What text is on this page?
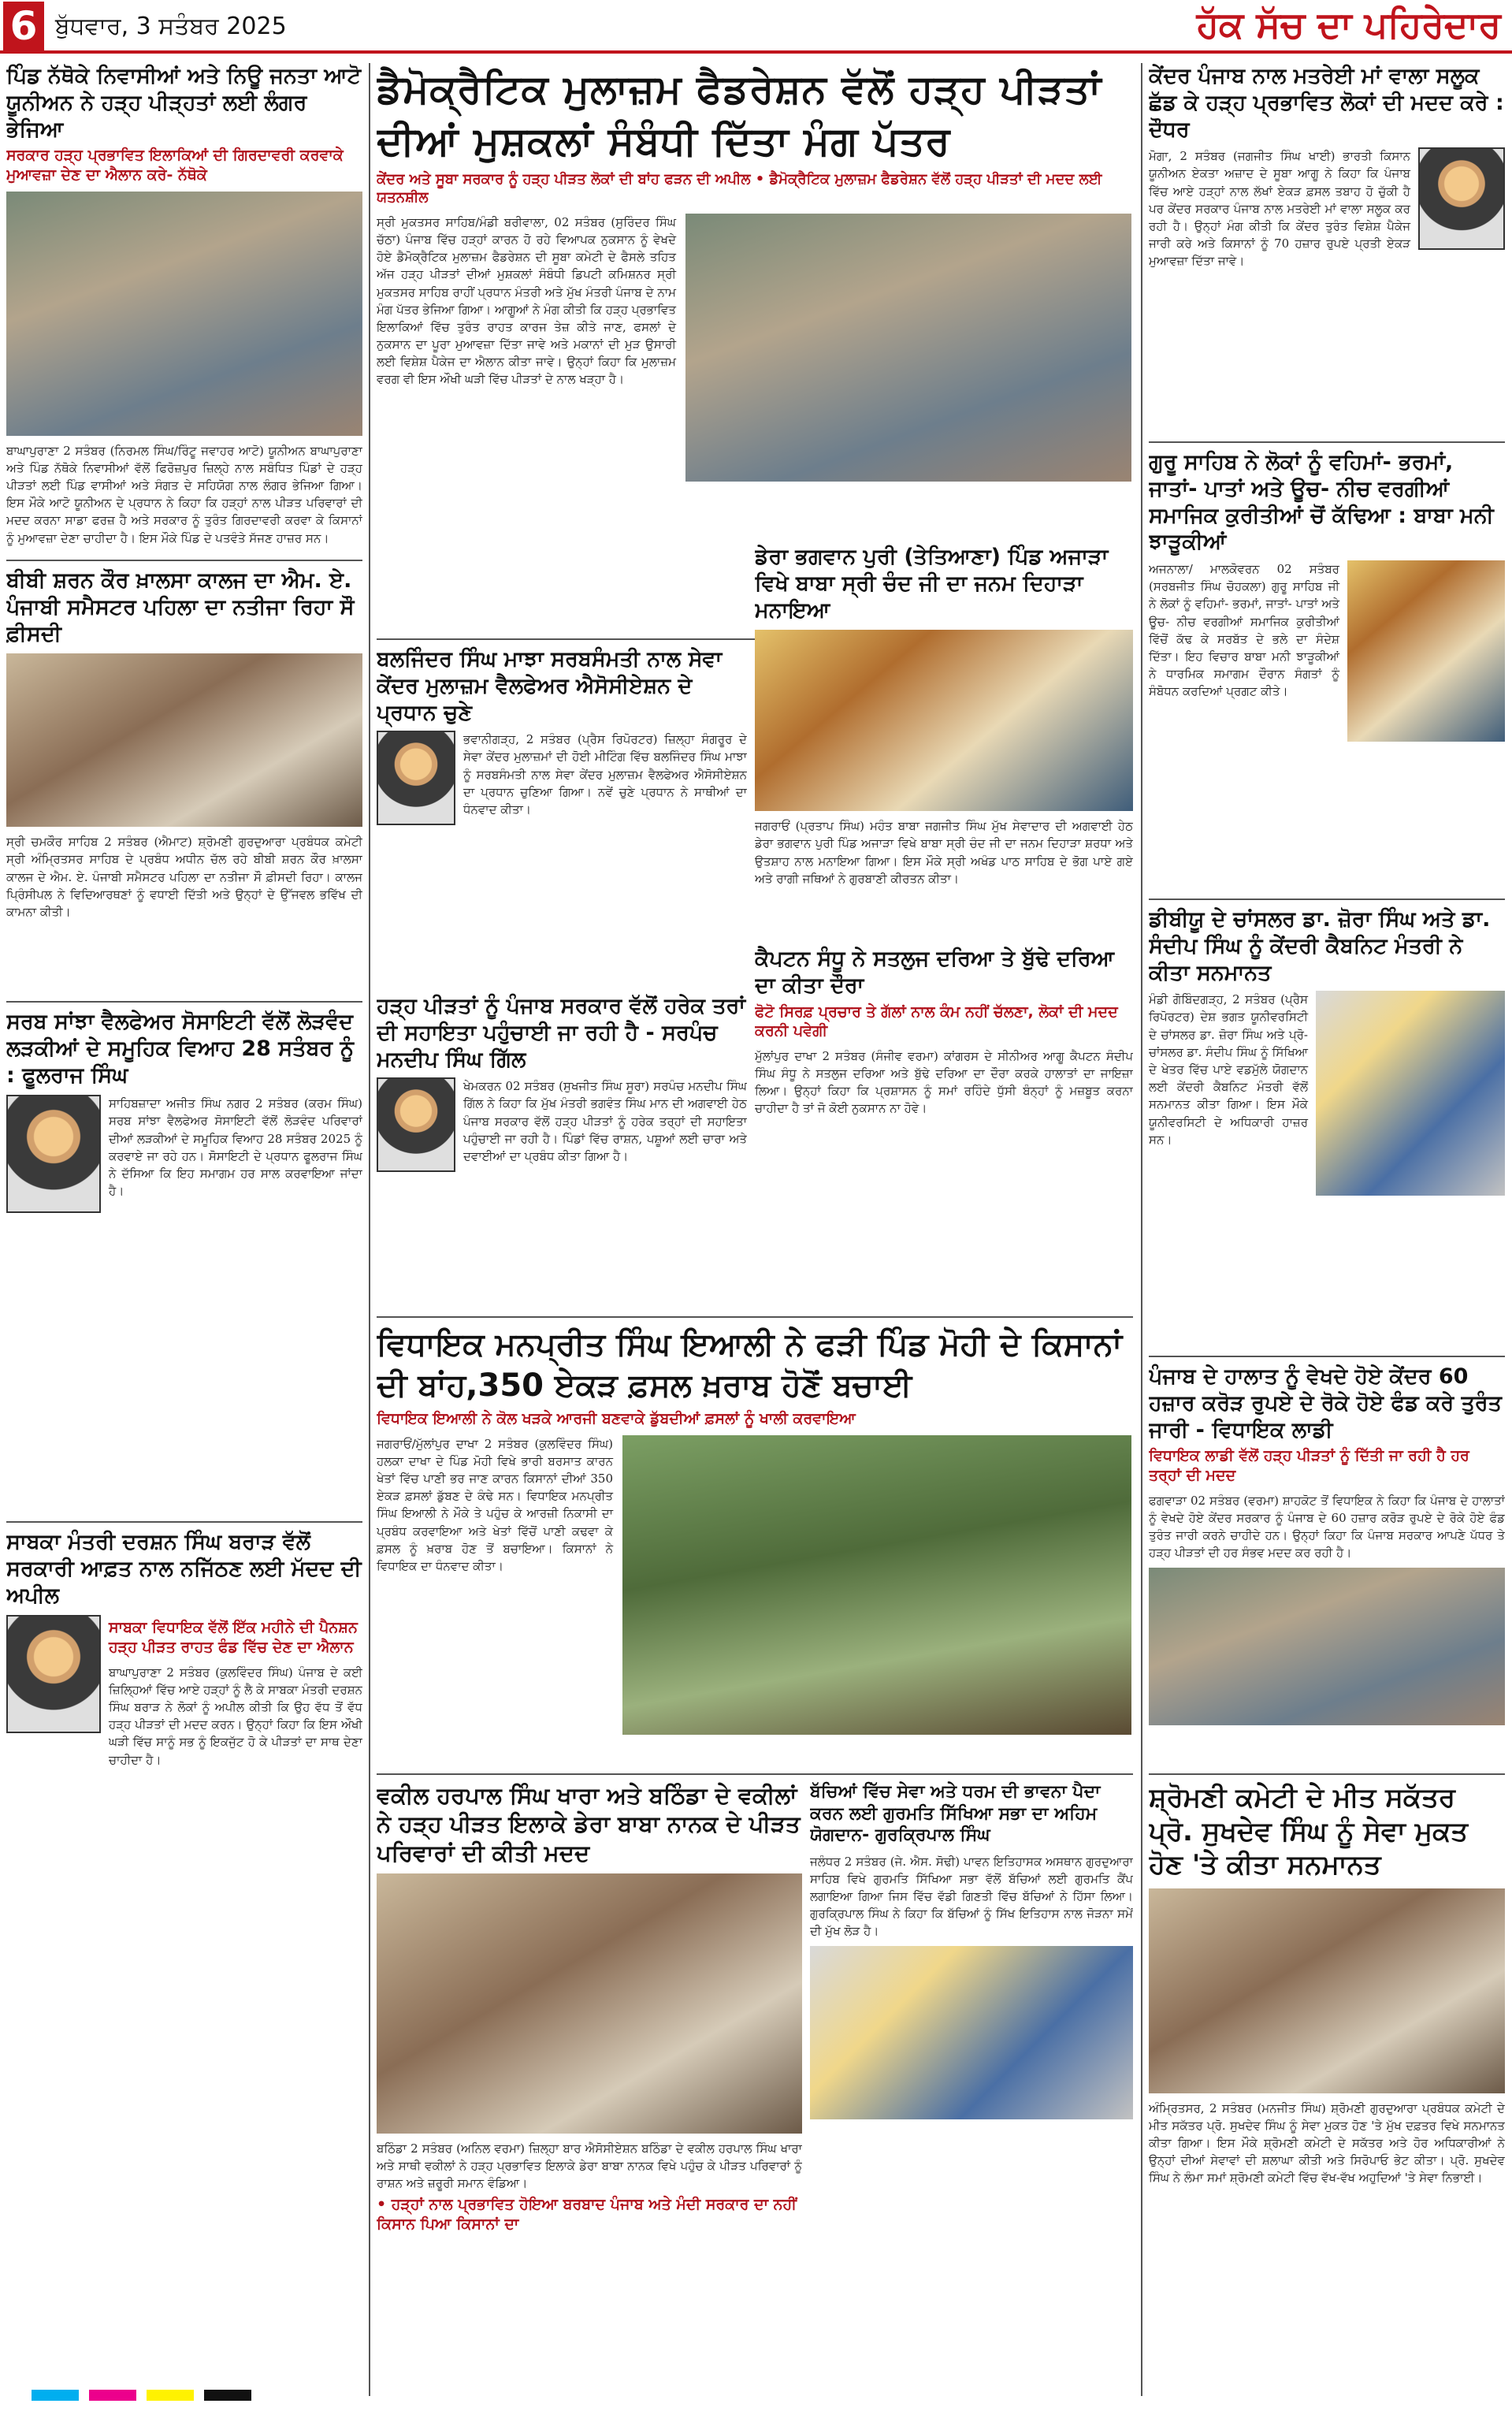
6 ਬੁੱਧਵਾਰ, 3 ਸਤੰਬਰ 2025	ਹੱਕ ਸੱਚ ਦਾ ਪਹਿਰੇਦਾਰ
ਪਿੰਡ ਨੱਥੋਕੇ ਨਿਵਾਸੀਆਂ ਅਤੇ ਨਿਊ ਜਨਤਾ ਆਟੋ ਯੂਨੀਅਨ ਨੇ ਹੜ੍ਹ ਪੀੜ੍ਹਤਾਂ ਲਈ ਲੰਗਰ ਭੇਜਿਆ
ਸਰਕਾਰ ਹੜ੍ਹ ਪ੍ਰਭਾਵਿਤ ਇਲਾਕਿਆਂ ਦੀ ਗਿਰਦਾਵਰੀ ਕਰਵਾਕੇ ਮੁਆਵਜ਼ਾ ਦੇਣ ਦਾ ਐਲਾਨ ਕਰੇ- ਨੱਥੋਕੇ
ਬਾਘਾਪੁਰਾਣਾ 2 ਸਤੰਬਰ (ਨਿਰਮਲ ਸਿੰਘ/ਰਿੰਟੂ ਜਵਾਹਰ ਆਟੋ) ਯੂਨੀਅਨ ਬਾਘਾਪੁਰਾਣਾ ਅਤੇ ਪਿੰਡ ਨੱਥੋਕੇ ਨਿਵਾਸੀਆਂ ਵੱਲੋਂ ਫਿਰੋਜ਼ਪੁਰ ਜ਼ਿਲ੍ਹੇ ਨਾਲ ਸਬੰਧਿਤ ਪਿੰਡਾਂ ਦੇ ਹੜ੍ਹ ਪੀੜਤਾਂ ਲਈ ਪਿੰਡ ਵਾਸੀਆਂ ਅਤੇ ਸੰਗਤ ਦੇ ਸਹਿਯੋਗ ਨਾਲ ਲੰਗਰ ਭੇਜਿਆ ਗਿਆ। ਇਸ ਮੌਕੇ ਆਟੋ ਯੂਨੀਅਨ ਦੇ ਪ੍ਰਧਾਨ ਨੇ ਕਿਹਾ ਕਿ ਹੜ੍ਹਾਂ ਨਾਲ ਪੀੜਤ ਪਰਿਵਾਰਾਂ ਦੀ ਮਦਦ ਕਰਨਾ ਸਾਡਾ ਫਰਜ਼ ਹੈ ਅਤੇ ਸਰਕਾਰ ਨੂੰ ਤੁਰੰਤ ਗਿਰਦਾਵਰੀ ਕਰਵਾ ਕੇ ਕਿਸਾਨਾਂ ਨੂੰ ਮੁਆਵਜ਼ਾ ਦੇਣਾ ਚਾਹੀਦਾ ਹੈ। ਇਸ ਮੌਕੇ ਪਿੰਡ ਦੇ ਪਤਵੰਤੇ ਸੱਜਣ ਹਾਜ਼ਰ ਸਨ।
ਬੀਬੀ ਸ਼ਰਨ ਕੌਰ ਖ਼ਾਲਸਾ ਕਾਲਜ ਦਾ ਐਮ. ਏ. ਪੰਜਾਬੀ ਸਮੈਸਟਰ ਪਹਿਲਾ ਦਾ ਨਤੀਜਾ ਰਿਹਾ ਸੌ ਫ਼ੀਸਦੀ
ਸ੍ਰੀ ਚਮਕੌਰ ਸਾਹਿਬ 2 ਸਤੰਬਰ (ਐਮਾਟ) ਸ਼੍ਰੋਮਣੀ ਗੁਰਦੁਆਰਾ ਪ੍ਰਬੰਧਕ ਕਮੇਟੀ ਸ੍ਰੀ ਅੰਮ੍ਰਿਤਸਰ ਸਾਹਿਬ ਦੇ ਪ੍ਰਬੰਧ ਅਧੀਨ ਚੱਲ ਰਹੇ ਬੀਬੀ ਸ਼ਰਨ ਕੌਰ ਖ਼ਾਲਸਾ ਕਾਲਜ ਦੇ ਐਮ. ਏ. ਪੰਜਾਬੀ ਸਮੈਸਟਰ ਪਹਿਲਾ ਦਾ ਨਤੀਜਾ ਸੌ ਫ਼ੀਸਦੀ ਰਿਹਾ। ਕਾਲਜ ਪ੍ਰਿੰਸੀਪਲ ਨੇ ਵਿਦਿਆਰਥਣਾਂ ਨੂੰ ਵਧਾਈ ਦਿੱਤੀ ਅਤੇ ਉਨ੍ਹਾਂ ਦੇ ਉੱਜਵਲ ਭਵਿੱਖ ਦੀ ਕਾਮਨਾ ਕੀਤੀ।
ਸਰਬ ਸਾਂਝਾ ਵੈਲਫੇਅਰ ਸੋਸਾਇਟੀ ਵੱਲੋਂ ਲੋੜਵੰਦ ਲੜਕੀਆਂ ਦੇ ਸਮੂਹਿਕ ਵਿਆਹ 28 ਸਤੰਬਰ ਨੂੰ : ਫੂਲਰਾਜ ਸਿੰਘ
ਸਾਹਿਬਜ਼ਾਦਾ ਅਜੀਤ ਸਿੰਘ ਨਗਰ 2 ਸਤੰਬਰ (ਕਰਮ ਸਿੰਘ) ਸਰਬ ਸਾਂਝਾ ਵੈਲਫੇਅਰ ਸੋਸਾਇਟੀ ਵੱਲੋਂ ਲੋੜਵੰਦ ਪਰਿਵਾਰਾਂ ਦੀਆਂ ਲੜਕੀਆਂ ਦੇ ਸਮੂਹਿਕ ਵਿਆਹ 28 ਸਤੰਬਰ 2025 ਨੂੰ ਕਰਵਾਏ ਜਾ ਰਹੇ ਹਨ। ਸੋਸਾਇਟੀ ਦੇ ਪ੍ਰਧਾਨ ਫੂਲਰਾਜ ਸਿੰਘ ਨੇ ਦੱਸਿਆ ਕਿ ਇਹ ਸਮਾਗਮ ਹਰ ਸਾਲ ਕਰਵਾਇਆ ਜਾਂਦਾ ਹੈ।
ਸਾਬਕਾ ਮੰਤਰੀ ਦਰਸ਼ਨ ਸਿੰਘ ਬਰਾੜ ਵੱਲੋਂ ਸਰਕਾਰੀ ਆਫ਼ਤ ਨਾਲ ਨਜਿੱਠਣ ਲਈ ਮੱਦਦ ਦੀ ਅਪੀਲ
ਸਾਬਕਾ ਵਿਧਾਇਕ ਵੱਲੋਂ ਇੱਕ ਮਹੀਨੇ ਦੀ ਪੈਨਸ਼ਨ ਹੜ੍ਹ ਪੀੜਤ ਰਾਹਤ ਫੰਡ ਵਿੱਚ ਦੇਣ ਦਾ ਐਲਾਨ
ਬਾਘਾਪੁਰਾਣਾ 2 ਸਤੰਬਰ (ਕੁਲਵਿੰਦਰ ਸਿੰਘ) ਪੰਜਾਬ ਦੇ ਕਈ ਜ਼ਿਲ੍ਹਿਆਂ ਵਿੱਚ ਆਏ ਹੜ੍ਹਾਂ ਨੂੰ ਲੈ ਕੇ ਸਾਬਕਾ ਮੰਤਰੀ ਦਰਸ਼ਨ ਸਿੰਘ ਬਰਾੜ ਨੇ ਲੋਕਾਂ ਨੂੰ ਅਪੀਲ ਕੀਤੀ ਕਿ ਉਹ ਵੱਧ ਤੋਂ ਵੱਧ ਹੜ੍ਹ ਪੀੜਤਾਂ ਦੀ ਮਦਦ ਕਰਨ। ਉਨ੍ਹਾਂ ਕਿਹਾ ਕਿ ਇਸ ਔਖੀ ਘੜੀ ਵਿੱਚ ਸਾਨੂੰ ਸਭ ਨੂੰ ਇਕਜੁੱਟ ਹੋ ਕੇ ਪੀੜਤਾਂ ਦਾ ਸਾਥ ਦੇਣਾ ਚਾਹੀਦਾ ਹੈ।
ਡੈਮੋਕ੍ਰੈਟਿਕ ਮੁਲਾਜ਼ਮ ਫੈਡਰੇਸ਼ਨ ਵੱਲੋਂ ਹੜ੍ਹ ਪੀੜਤਾਂ ਦੀਆਂ ਮੁਸ਼ਕਲਾਂ ਸੰਬੰਧੀ ਦਿੱਤਾ ਮੰਗ ਪੱਤਰ
ਕੇਂਦਰ ਅਤੇ ਸੂਬਾ ਸਰਕਾਰ ਨੂੰ ਹੜ੍ਹ ਪੀੜਤ ਲੋਕਾਂ ਦੀ ਬਾਂਹ ਫੜਨ ਦੀ ਅਪੀਲ • ਡੈਮੋਕ੍ਰੈਟਿਕ ਮੁਲਾਜ਼ਮ ਫੈਡਰੇਸ਼ਨ ਵੱਲੋਂ ਹੜ੍ਹ ਪੀੜਤਾਂ ਦੀ ਮਦਦ ਲਈ ਯਤਨਸ਼ੀਲ
ਸ੍ਰੀ ਮੁਕਤਸਰ ਸਾਹਿਬ/ਮੰਡੀ ਬਰੀਵਾਲਾ, 02 ਸਤੰਬਰ (ਸੁਰਿੰਦਰ ਸਿੰਘ ਚੱਠਾ) ਪੰਜਾਬ ਵਿੱਚ ਹੜ੍ਹਾਂ ਕਾਰਨ ਹੋ ਰਹੇ ਵਿਆਪਕ ਨੁਕਸਾਨ ਨੂੰ ਵੇਖਦੇ ਹੋਏ ਡੈਮੋਕ੍ਰੈਟਿਕ ਮੁਲਾਜ਼ਮ ਫੈਡਰੇਸ਼ਨ ਦੀ ਸੂਬਾ ਕਮੇਟੀ ਦੇ ਫੈਸਲੇ ਤਹਿਤ ਅੱਜ ਹੜ੍ਹ ਪੀੜਤਾਂ ਦੀਆਂ ਮੁਸ਼ਕਲਾਂ ਸੰਬੰਧੀ ਡਿਪਟੀ ਕਮਿਸ਼ਨਰ ਸ੍ਰੀ ਮੁਕਤਸਰ ਸਾਹਿਬ ਰਾਹੀਂ ਪ੍ਰਧਾਨ ਮੰਤਰੀ ਅਤੇ ਮੁੱਖ ਮੰਤਰੀ ਪੰਜਾਬ ਦੇ ਨਾਮ ਮੰਗ ਪੱਤਰ ਭੇਜਿਆ ਗਿਆ। ਆਗੂਆਂ ਨੇ ਮੰਗ ਕੀਤੀ ਕਿ ਹੜ੍ਹ ਪ੍ਰਭਾਵਿਤ ਇਲਾਕਿਆਂ ਵਿੱਚ ਤੁਰੰਤ ਰਾਹਤ ਕਾਰਜ ਤੇਜ਼ ਕੀਤੇ ਜਾਣ, ਫਸਲਾਂ ਦੇ ਨੁਕਸਾਨ ਦਾ ਪੂਰਾ ਮੁਆਵਜ਼ਾ ਦਿੱਤਾ ਜਾਵੇ ਅਤੇ ਮਕਾਨਾਂ ਦੀ ਮੁੜ ਉਸਾਰੀ ਲਈ ਵਿਸ਼ੇਸ਼ ਪੈਕੇਜ ਦਾ ਐਲਾਨ ਕੀਤਾ ਜਾਵੇ। ਉਨ੍ਹਾਂ ਕਿਹਾ ਕਿ ਮੁਲਾਜ਼ਮ ਵਰਗ ਵੀ ਇਸ ਔਖੀ ਘੜੀ ਵਿੱਚ ਪੀੜਤਾਂ ਦੇ ਨਾਲ ਖੜ੍ਹਾ ਹੈ।
ਬਲਜਿੰਦਰ ਸਿੰਘ ਮਾਝਾ ਸਰਬਸੰਮਤੀ ਨਾਲ ਸੇਵਾ ਕੇਂਦਰ ਮੁਲਾਜ਼ਮ ਵੈਲਫੇਅਰ ਐਸੋਸੀਏਸ਼ਨ ਦੇ ਪ੍ਰਧਾਨ ਚੁਣੇ
ਭਵਾਨੀਗੜ੍ਹ, 2 ਸਤੰਬਰ (ਪ੍ਰੈਸ ਰਿਪੋਰਟਰ) ਜ਼ਿਲ੍ਹਾ ਸੰਗਰੂਰ ਦੇ ਸੇਵਾ ਕੇਂਦਰ ਮੁਲਾਜ਼ਮਾਂ ਦੀ ਹੋਈ ਮੀਟਿੰਗ ਵਿੱਚ ਬਲਜਿੰਦਰ ਸਿੰਘ ਮਾਝਾ ਨੂੰ ਸਰਬਸੰਮਤੀ ਨਾਲ ਸੇਵਾ ਕੇਂਦਰ ਮੁਲਾਜ਼ਮ ਵੈਲਫੇਅਰ ਐਸੋਸੀਏਸ਼ਨ ਦਾ ਪ੍ਰਧਾਨ ਚੁਣਿਆ ਗਿਆ। ਨਵੇਂ ਚੁਣੇ ਪ੍ਰਧਾਨ ਨੇ ਸਾਥੀਆਂ ਦਾ ਧੰਨਵਾਦ ਕੀਤਾ।
ਡੇਰਾ ਭਗਵਾਨ ਪੁਰੀ (ਤੇਤਿਆਣਾ) ਪਿੰਡ ਅਜਾੜਾ ਵਿਖੇ ਬਾਬਾ ਸ੍ਰੀ ਚੰਦ ਜੀ ਦਾ ਜਨਮ ਦਿਹਾੜਾ ਮਨਾਇਆ
ਜਗਰਾਓਂ (ਪ੍ਰਤਾਪ ਸਿੰਘ) ਮਹੰਤ ਬਾਬਾ ਜਗਜੀਤ ਸਿੰਘ ਮੁੱਖ ਸੇਵਾਦਾਰ ਦੀ ਅਗਵਾਈ ਹੇਠ ਡੇਰਾ ਭਗਵਾਨ ਪੁਰੀ ਪਿੰਡ ਅਜਾੜਾ ਵਿਖੇ ਬਾਬਾ ਸ੍ਰੀ ਚੰਦ ਜੀ ਦਾ ਜਨਮ ਦਿਹਾੜਾ ਸ਼ਰਧਾ ਅਤੇ ਉਤਸ਼ਾਹ ਨਾਲ ਮਨਾਇਆ ਗਿਆ। ਇਸ ਮੌਕੇ ਸ੍ਰੀ ਅਖੰਡ ਪਾਠ ਸਾਹਿਬ ਦੇ ਭੋਗ ਪਾਏ ਗਏ ਅਤੇ ਰਾਗੀ ਜਥਿਆਂ ਨੇ ਗੁਰਬਾਣੀ ਕੀਰਤਨ ਕੀਤਾ।
ਹੜ੍ਹ ਪੀੜਤਾਂ ਨੂੰ ਪੰਜਾਬ ਸਰਕਾਰ ਵੱਲੋਂ ਹਰੇਕ ਤਰਾਂ ਦੀ ਸਹਾਇਤਾ ਪਹੁੰਚਾਈ ਜਾ ਰਹੀ ਹੈ - ਸਰਪੰਚ ਮਨਦੀਪ ਸਿੰਘ ਗਿੱਲ
ਖੇਮਕਰਨ 02 ਸਤੰਬਰ (ਸੁਖਜੀਤ ਸਿੰਘ ਸੂਰਾ) ਸਰਪੰਚ ਮਨਦੀਪ ਸਿੰਘ ਗਿੱਲ ਨੇ ਕਿਹਾ ਕਿ ਮੁੱਖ ਮੰਤਰੀ ਭਗਵੰਤ ਸਿੰਘ ਮਾਨ ਦੀ ਅਗਵਾਈ ਹੇਠ ਪੰਜਾਬ ਸਰਕਾਰ ਵੱਲੋਂ ਹੜ੍ਹ ਪੀੜਤਾਂ ਨੂੰ ਹਰੇਕ ਤਰ੍ਹਾਂ ਦੀ ਸਹਾਇਤਾ ਪਹੁੰਚਾਈ ਜਾ ਰਹੀ ਹੈ। ਪਿੰਡਾਂ ਵਿੱਚ ਰਾਸ਼ਨ, ਪਸ਼ੂਆਂ ਲਈ ਚਾਰਾ ਅਤੇ ਦਵਾਈਆਂ ਦਾ ਪ੍ਰਬੰਧ ਕੀਤਾ ਗਿਆ ਹੈ।
ਕੈਪਟਨ ਸੰਧੂ ਨੇ ਸਤਲੁਜ ਦਰਿਆ ਤੇ ਬੁੱਢੇ ਦਰਿਆ ਦਾ ਕੀਤਾ ਦੌਰਾ
ਫੋਟੋ ਸਿਰਫ਼ ਪ੍ਰਚਾਰ ਤੇ ਗੱਲਾਂ ਨਾਲ ਕੰਮ ਨਹੀਂ ਚੱਲਣਾ, ਲੋਕਾਂ ਦੀ ਮਦਦ ਕਰਨੀ ਪਵੇਗੀ
ਮੁੱਲਾਂਪੁਰ ਦਾਖਾ 2 ਸਤੰਬਰ (ਸੰਜੀਵ ਵਰਮਾ) ਕਾਂਗਰਸ ਦੇ ਸੀਨੀਅਰ ਆਗੂ ਕੈਪਟਨ ਸੰਦੀਪ ਸਿੰਘ ਸੰਧੂ ਨੇ ਸਤਲੁਜ ਦਰਿਆ ਅਤੇ ਬੁੱਢੇ ਦਰਿਆ ਦਾ ਦੌਰਾ ਕਰਕੇ ਹਾਲਾਤਾਂ ਦਾ ਜਾਇਜ਼ਾ ਲਿਆ। ਉਨ੍ਹਾਂ ਕਿਹਾ ਕਿ ਪ੍ਰਸ਼ਾਸਨ ਨੂੰ ਸਮਾਂ ਰਹਿੰਦੇ ਧੁੱਸੀ ਬੰਨ੍ਹਾਂ ਨੂੰ ਮਜ਼ਬੂਤ ਕਰਨਾ ਚਾਹੀਦਾ ਹੈ ਤਾਂ ਜੋ ਕੋਈ ਨੁਕਸਾਨ ਨਾ ਹੋਵੇ।
ਵਿਧਾਇਕ ਮਨਪ੍ਰੀਤ ਸਿੰਘ ਇਆਲੀ ਨੇ ਫੜੀ ਪਿੰਡ ਮੋਹੀ ਦੇ ਕਿਸਾਨਾਂ ਦੀ ਬਾਂਹ,350 ਏਕੜ ਫ਼ਸਲ ਖ਼ਰਾਬ ਹੋਣੋਂ ਬਚਾਈ
ਵਿਧਾਇਕ ਇਆਲੀ ਨੇ ਕੋਲ ਖੜਕੇ ਆਰਜੀ ਬਣਵਾਕੇ ਡੁੱਬਦੀਆਂ ਫ਼ਸਲਾਂ ਨੂੰ ਖਾਲੀ ਕਰਵਾਇਆ
ਜਗਰਾਓਂ/ਮੁੱਲਾਂਪੁਰ ਦਾਖਾ 2 ਸਤੰਬਰ (ਕੁਲਵਿੰਦਰ ਸਿੰਘ) ਹਲਕਾ ਦਾਖਾ ਦੇ ਪਿੰਡ ਮੋਹੀ ਵਿਖੇ ਭਾਰੀ ਬਰਸਾਤ ਕਾਰਨ ਖੇਤਾਂ ਵਿੱਚ ਪਾਣੀ ਭਰ ਜਾਣ ਕਾਰਨ ਕਿਸਾਨਾਂ ਦੀਆਂ 350 ਏਕੜ ਫ਼ਸਲਾਂ ਡੁੱਬਣ ਦੇ ਕੰਢੇ ਸਨ। ਵਿਧਾਇਕ ਮਨਪ੍ਰੀਤ ਸਿੰਘ ਇਆਲੀ ਨੇ ਮੌਕੇ ਤੇ ਪਹੁੰਚ ਕੇ ਆਰਜ਼ੀ ਨਿਕਾਸੀ ਦਾ ਪ੍ਰਬੰਧ ਕਰਵਾਇਆ ਅਤੇ ਖੇਤਾਂ ਵਿੱਚੋਂ ਪਾਣੀ ਕਢਵਾ ਕੇ ਫ਼ਸਲ ਨੂੰ ਖ਼ਰਾਬ ਹੋਣ ਤੋਂ ਬਚਾਇਆ। ਕਿਸਾਨਾਂ ਨੇ ਵਿਧਾਇਕ ਦਾ ਧੰਨਵਾਦ ਕੀਤਾ।
ਵਕੀਲ ਹਰਪਾਲ ਸਿੰਘ ਖਾਰਾ ਅਤੇ ਬਠਿੰਡਾ ਦੇ ਵਕੀਲਾਂ ਨੇ ਹੜ੍ਹ ਪੀੜਤ ਇਲਾਕੇ ਡੇਰਾ ਬਾਬਾ ਨਾਨਕ ਦੇ ਪੀੜਤ ਪਰਿਵਾਰਾਂ ਦੀ ਕੀਤੀ ਮਦਦ
ਬਠਿੰਡਾ 2 ਸਤੰਬਰ (ਅਨਿਲ ਵਰਮਾ) ਜ਼ਿਲ੍ਹਾ ਬਾਰ ਐਸੋਸੀਏਸ਼ਨ ਬਠਿੰਡਾ ਦੇ ਵਕੀਲ ਹਰਪਾਲ ਸਿੰਘ ਖਾਰਾ ਅਤੇ ਸਾਥੀ ਵਕੀਲਾਂ ਨੇ ਹੜ੍ਹ ਪ੍ਰਭਾਵਿਤ ਇਲਾਕੇ ਡੇਰਾ ਬਾਬਾ ਨਾਨਕ ਵਿਖੇ ਪਹੁੰਚ ਕੇ ਪੀੜਤ ਪਰਿਵਾਰਾਂ ਨੂੰ ਰਾਸ਼ਨ ਅਤੇ ਜ਼ਰੂਰੀ ਸਮਾਨ ਵੰਡਿਆ।
• ਹੜ੍ਹਾਂ ਨਾਲ ਪ੍ਰਭਾਵਿਤ ਹੋਇਆ ਬਰਬਾਦ ਪੰਜਾਬ ਅਤੇ ਮੰਦੀ ਸਰਕਾਰ ਦਾ ਨਹੀਂ ਕਿਸਾਨ ਪਿਆ ਕਿਸਾਨਾਂ ਦਾ
ਬੱਚਿਆਂ ਵਿੱਚ ਸੇਵਾ ਅਤੇ ਧਰਮ ਦੀ ਭਾਵਨਾ ਪੈਦਾ ਕਰਨ ਲਈ ਗੁਰਮਤਿ ਸਿੱਖਿਆ ਸਭਾ ਦਾ ਅਹਿਮ ਯੋਗਦਾਨ- ਗੁਰਕ੍ਰਿਪਾਲ ਸਿੰਘ
ਜਲੰਧਰ 2 ਸਤੰਬਰ (ਜੇ. ਐਸ. ਸੋਢੀ) ਪਾਵਨ ਇਤਿਹਾਸਕ ਅਸਥਾਨ ਗੁਰਦੁਆਰਾ ਸਾਹਿਬ ਵਿਖੇ ਗੁਰਮਤਿ ਸਿੱਖਿਆ ਸਭਾ ਵੱਲੋਂ ਬੱਚਿਆਂ ਲਈ ਗੁਰਮਤਿ ਕੈਂਪ ਲਗਾਇਆ ਗਿਆ ਜਿਸ ਵਿੱਚ ਵੱਡੀ ਗਿਣਤੀ ਵਿੱਚ ਬੱਚਿਆਂ ਨੇ ਹਿੱਸਾ ਲਿਆ। ਗੁਰਕ੍ਰਿਪਾਲ ਸਿੰਘ ਨੇ ਕਿਹਾ ਕਿ ਬੱਚਿਆਂ ਨੂੰ ਸਿੱਖ ਇਤਿਹਾਸ ਨਾਲ ਜੋੜਨਾ ਸਮੇਂ ਦੀ ਮੁੱਖ ਲੋੜ ਹੈ।
ਕੇਂਦਰ ਪੰਜਾਬ ਨਾਲ ਮਤਰੇਈ ਮਾਂ ਵਾਲਾ ਸਲੂਕ ਛੱਡ ਕੇ ਹੜ੍ਹ ਪ੍ਰਭਾਵਿਤ ਲੋਕਾਂ ਦੀ ਮਦਦ ਕਰੇ : ਦੌਧਰ
ਮੋਗਾ, 2 ਸਤੰਬਰ (ਜਗਜੀਤ ਸਿੰਘ ਖਾਈ) ਭਾਰਤੀ ਕਿਸਾਨ ਯੂਨੀਅਨ ਏਕਤਾ ਅਜ਼ਾਦ ਦੇ ਸੂਬਾ ਆਗੂ ਨੇ ਕਿਹਾ ਕਿ ਪੰਜਾਬ ਵਿੱਚ ਆਏ ਹੜ੍ਹਾਂ ਨਾਲ ਲੱਖਾਂ ਏਕੜ ਫ਼ਸਲ ਤਬਾਹ ਹੋ ਚੁੱਕੀ ਹੈ ਪਰ ਕੇਂਦਰ ਸਰਕਾਰ ਪੰਜਾਬ ਨਾਲ ਮਤਰੇਈ ਮਾਂ ਵਾਲਾ ਸਲੂਕ ਕਰ ਰਹੀ ਹੈ। ਉਨ੍ਹਾਂ ਮੰਗ ਕੀਤੀ ਕਿ ਕੇਂਦਰ ਤੁਰੰਤ ਵਿਸ਼ੇਸ਼ ਪੈਕੇਜ ਜਾਰੀ ਕਰੇ ਅਤੇ ਕਿਸਾਨਾਂ ਨੂੰ 70 ਹਜ਼ਾਰ ਰੁਪਏ ਪ੍ਰਤੀ ਏਕੜ ਮੁਆਵਜ਼ਾ ਦਿੱਤਾ ਜਾਵੇ।
ਗੁਰੂ ਸਾਹਿਬ ਨੇ ਲੋਕਾਂ ਨੂੰ ਵਹਿਮਾਂ- ਭਰਮਾਂ, ਜਾਤਾਂ- ਪਾਤਾਂ ਅਤੇ ਊਚ- ਨੀਚ ਵਰਗੀਆਂ ਸਮਾਜਿਕ ਕੁਰੀਤੀਆਂ ਚੋਂ ਕੱਢਿਆ : ਬਾਬਾ ਮਨੀ ਝਾੜੂਕੀਆਂ
ਅਜਨਾਲਾ/ ਮਾਲਕੋਵਰਨ 02 ਸਤੰਬਰ (ਸਰਬਜੀਤ ਸਿੰਘ ਚੋਹਕਲਾ) ਗੁਰੂ ਸਾਹਿਬ ਜੀ ਨੇ ਲੋਕਾਂ ਨੂੰ ਵਹਿਮਾਂ- ਭਰਮਾਂ, ਜਾਤਾਂ- ਪਾਤਾਂ ਅਤੇ ਊਚ- ਨੀਚ ਵਰਗੀਆਂ ਸਮਾਜਿਕ ਕੁਰੀਤੀਆਂ ਵਿੱਚੋਂ ਕੱਢ ਕੇ ਸਰਬੱਤ ਦੇ ਭਲੇ ਦਾ ਸੰਦੇਸ਼ ਦਿੱਤਾ। ਇਹ ਵਿਚਾਰ ਬਾਬਾ ਮਨੀ ਝਾੜੂਕੀਆਂ ਨੇ ਧਾਰਮਿਕ ਸਮਾਗਮ ਦੌਰਾਨ ਸੰਗਤਾਂ ਨੂੰ ਸੰਬੋਧਨ ਕਰਦਿਆਂ ਪ੍ਰਗਟ ਕੀਤੇ।
ਡੀਬੀਯੂ ਦੇ ਚਾਂਸਲਰ ਡਾ. ਜ਼ੋਰਾ ਸਿੰਘ ਅਤੇ ਡਾ. ਸੰਦੀਪ ਸਿੰਘ ਨੂੰ ਕੇਂਦਰੀ ਕੈਬਨਿਟ ਮੰਤਰੀ ਨੇ ਕੀਤਾ ਸਨਮਾਨਤ
ਮੰਡੀ ਗੋਬਿੰਦਗੜ੍ਹ, 2 ਸਤੰਬਰ (ਪ੍ਰੈਸ ਰਿਪੋਰਟਰ) ਦੇਸ਼ ਭਗਤ ਯੂਨੀਵਰਸਿਟੀ ਦੇ ਚਾਂਸਲਰ ਡਾ. ਜ਼ੋਰਾ ਸਿੰਘ ਅਤੇ ਪ੍ਰੋ-ਚਾਂਸਲਰ ਡਾ. ਸੰਦੀਪ ਸਿੰਘ ਨੂੰ ਸਿੱਖਿਆ ਦੇ ਖੇਤਰ ਵਿੱਚ ਪਾਏ ਵਡਮੁੱਲੇ ਯੋਗਦਾਨ ਲਈ ਕੇਂਦਰੀ ਕੈਬਨਿਟ ਮੰਤਰੀ ਵੱਲੋਂ ਸਨਮਾਨਤ ਕੀਤਾ ਗਿਆ। ਇਸ ਮੌਕੇ ਯੂਨੀਵਰਸਿਟੀ ਦੇ ਅਧਿਕਾਰੀ ਹਾਜ਼ਰ ਸਨ।
ਪੰਜਾਬ ਦੇ ਹਾਲਾਤ ਨੂੰ ਵੇਖਦੇ ਹੋਏ ਕੇਂਦਰ 60 ਹਜ਼ਾਰ ਕਰੋੜ ਰੁਪਏ ਦੇ ਰੋਕੇ ਹੋਏ ਫੰਡ ਕਰੇ ਤੁਰੰਤ ਜਾਰੀ - ਵਿਧਾਇਕ ਲਾਡੀ
ਵਿਧਾਇਕ ਲਾਡੀ ਵੱਲੋਂ ਹੜ੍ਹ ਪੀੜਤਾਂ ਨੂੰ ਦਿੱਤੀ ਜਾ ਰਹੀ ਹੈ ਹਰ ਤਰ੍ਹਾਂ ਦੀ ਮਦਦ
ਫਗਵਾੜਾ 02 ਸਤੰਬਰ (ਵਰਮਾ) ਸ਼ਾਹਕੋਟ ਤੋਂ ਵਿਧਾਇਕ ਨੇ ਕਿਹਾ ਕਿ ਪੰਜਾਬ ਦੇ ਹਾਲਾਤਾਂ ਨੂੰ ਵੇਖਦੇ ਹੋਏ ਕੇਂਦਰ ਸਰਕਾਰ ਨੂੰ ਪੰਜਾਬ ਦੇ 60 ਹਜ਼ਾਰ ਕਰੋੜ ਰੁਪਏ ਦੇ ਰੋਕੇ ਹੋਏ ਫੰਡ ਤੁਰੰਤ ਜਾਰੀ ਕਰਨੇ ਚਾਹੀਦੇ ਹਨ। ਉਨ੍ਹਾਂ ਕਿਹਾ ਕਿ ਪੰਜਾਬ ਸਰਕਾਰ ਆਪਣੇ ਪੱਧਰ ਤੇ ਹੜ੍ਹ ਪੀੜਤਾਂ ਦੀ ਹਰ ਸੰਭਵ ਮਦਦ ਕਰ ਰਹੀ ਹੈ।
ਸ਼੍ਰੋਮਣੀ ਕਮੇਟੀ ਦੇ ਮੀਤ ਸਕੱਤਰ ਪ੍ਰੋ. ਸੁਖਦੇਵ ਸਿੰਘ ਨੂੰ ਸੇਵਾ ਮੁਕਤ ਹੋਣ 'ਤੇ ਕੀਤਾ ਸਨਮਾਨਤ
ਅੰਮ੍ਰਿਤਸਰ, 2 ਸਤੰਬਰ (ਮਨਜੀਤ ਸਿੰਘ) ਸ਼੍ਰੋਮਣੀ ਗੁਰਦੁਆਰਾ ਪ੍ਰਬੰਧਕ ਕਮੇਟੀ ਦੇ ਮੀਤ ਸਕੱਤਰ ਪ੍ਰੋ. ਸੁਖਦੇਵ ਸਿੰਘ ਨੂੰ ਸੇਵਾ ਮੁਕਤ ਹੋਣ 'ਤੇ ਮੁੱਖ ਦਫ਼ਤਰ ਵਿਖੇ ਸਨਮਾਨਤ ਕੀਤਾ ਗਿਆ। ਇਸ ਮੌਕੇ ਸ਼੍ਰੋਮਣੀ ਕਮੇਟੀ ਦੇ ਸਕੱਤਰ ਅਤੇ ਹੋਰ ਅਧਿਕਾਰੀਆਂ ਨੇ ਉਨ੍ਹਾਂ ਦੀਆਂ ਸੇਵਾਵਾਂ ਦੀ ਸ਼ਲਾਘਾ ਕੀਤੀ ਅਤੇ ਸਿਰੋਪਾਓ ਭੇਟ ਕੀਤਾ। ਪ੍ਰੋ. ਸੁਖਦੇਵ ਸਿੰਘ ਨੇ ਲੰਮਾ ਸਮਾਂ ਸ਼੍ਰੋਮਣੀ ਕਮੇਟੀ ਵਿੱਚ ਵੱਖ-ਵੱਖ ਅਹੁਦਿਆਂ 'ਤੇ ਸੇਵਾ ਨਿਭਾਈ।
